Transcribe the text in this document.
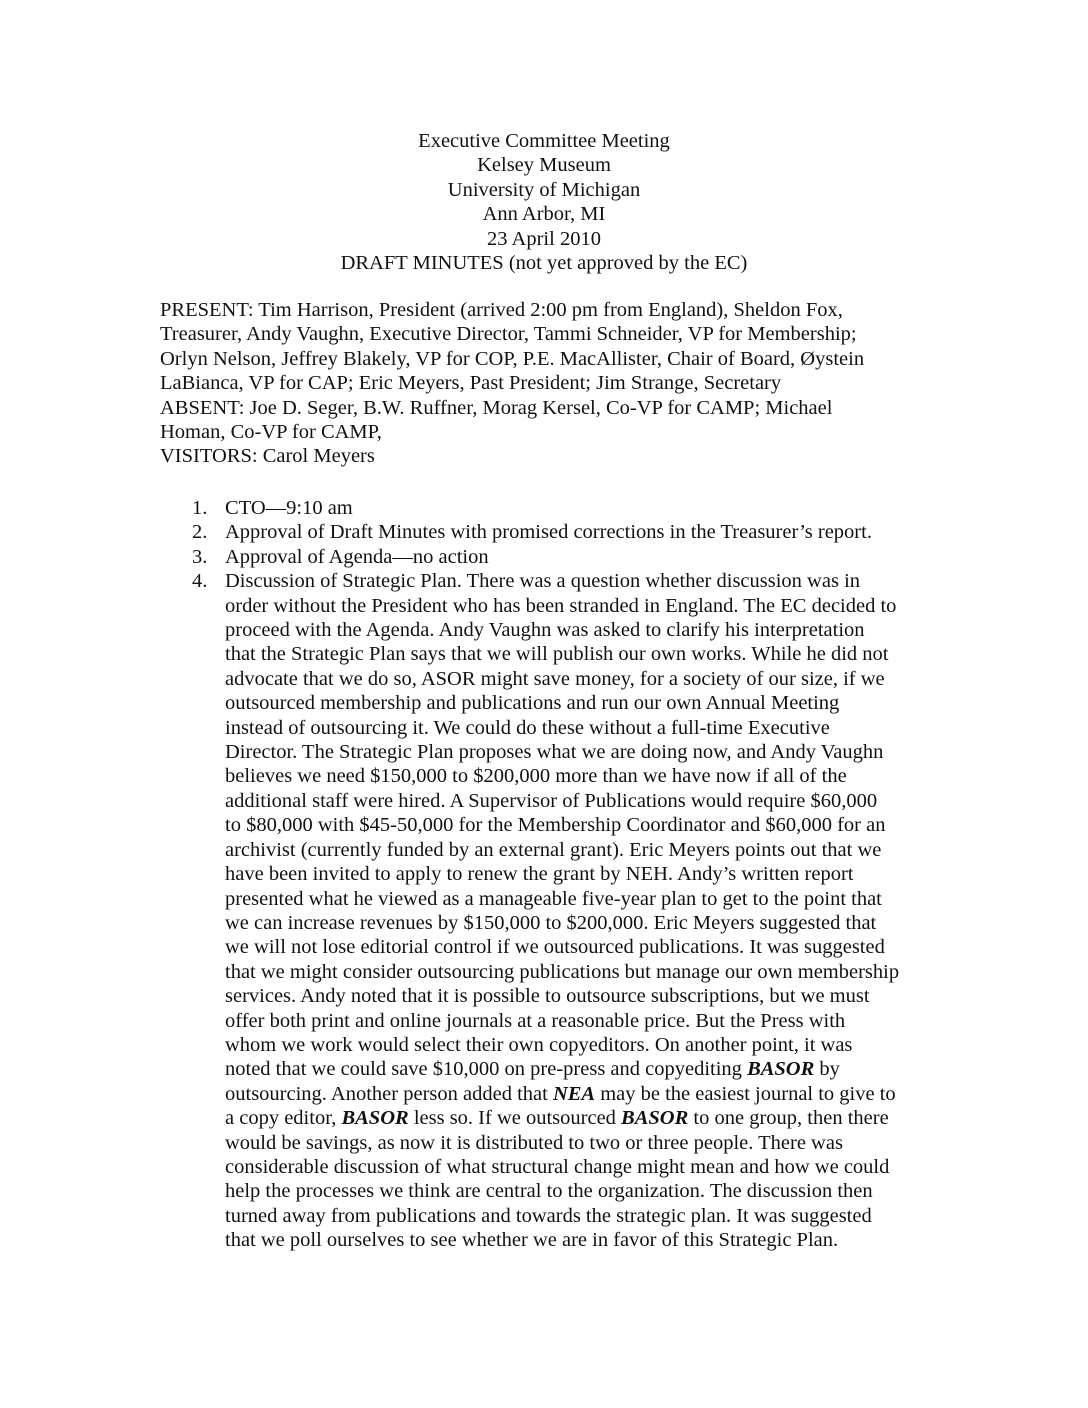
Executive Committee Meeting
Kelsey Museum
University of Michigan
Ann Arbor, MI
23 April 2010
DRAFT MINUTES (not yet approved by the EC)
PRESENT: Tim Harrison, President (arrived 2:00 pm from England), Sheldon Fox,
Treasurer, Andy Vaughn, Executive Director, Tammi Schneider, VP for Membership;
Orlyn Nelson, Jeffrey Blakely, VP for COP, P.E. MacAllister, Chair of Board, Øystein
LaBianca, VP for CAP; Eric Meyers, Past President; Jim Strange, Secretary
ABSENT: Joe D. Seger, B.W. Ruffner, Morag Kersel, Co-VP for CAMP; Michael
Homan, Co-VP for CAMP,
VISITORS: Carol Meyers
1. CTO—9:10 am
2. Approval of Draft Minutes with promised corrections in the Treasurer’s report.
3. Approval of Agenda—no action
4. Discussion of Strategic Plan. There was a question whether discussion was in
order without the President who has been stranded in England. The EC decided to
proceed with the Agenda. Andy Vaughn was asked to clarify his interpretation
that the Strategic Plan says that we will publish our own works. While he did not
advocate that we do so, ASOR might save money, for a society of our size, if we
outsourced membership and publications and run our own Annual Meeting
instead of outsourcing it. We could do these without a full-time Executive
Director. The Strategic Plan proposes what we are doing now, and Andy Vaughn
believes we need $150,000 to $200,000 more than we have now if all of the
additional staff were hired. A Supervisor of Publications would require $60,000
to $80,000 with $45-50,000 for the Membership Coordinator and $60,000 for an
archivist (currently funded by an external grant). Eric Meyers points out that we
have been invited to apply to renew the grant by NEH. Andy’s written report
presented what he viewed as a manageable five-year plan to get to the point that
we can increase revenues by $150,000 to $200,000. Eric Meyers suggested that
we will not lose editorial control if we outsourced publications. It was suggested
that we might consider outsourcing publications but manage our own membership
services. Andy noted that it is possible to outsource subscriptions, but we must
offer both print and online journals at a reasonable price. But the Press with
whom we work would select their own copyeditors. On another point, it was
noted that we could save $10,000 on pre-press and copyediting BASOR by
outsourcing. Another person added that NEA may be the easiest journal to give to
a copy editor, BASOR less so. If we outsourced BASOR to one group, then there
would be savings, as now it is distributed to two or three people. There was
considerable discussion of what structural change might mean and how we could
help the processes we think are central to the organization. The discussion then
turned away from publications and towards the strategic plan. It was suggested
that we poll ourselves to see whether we are in favor of this Strategic Plan.
